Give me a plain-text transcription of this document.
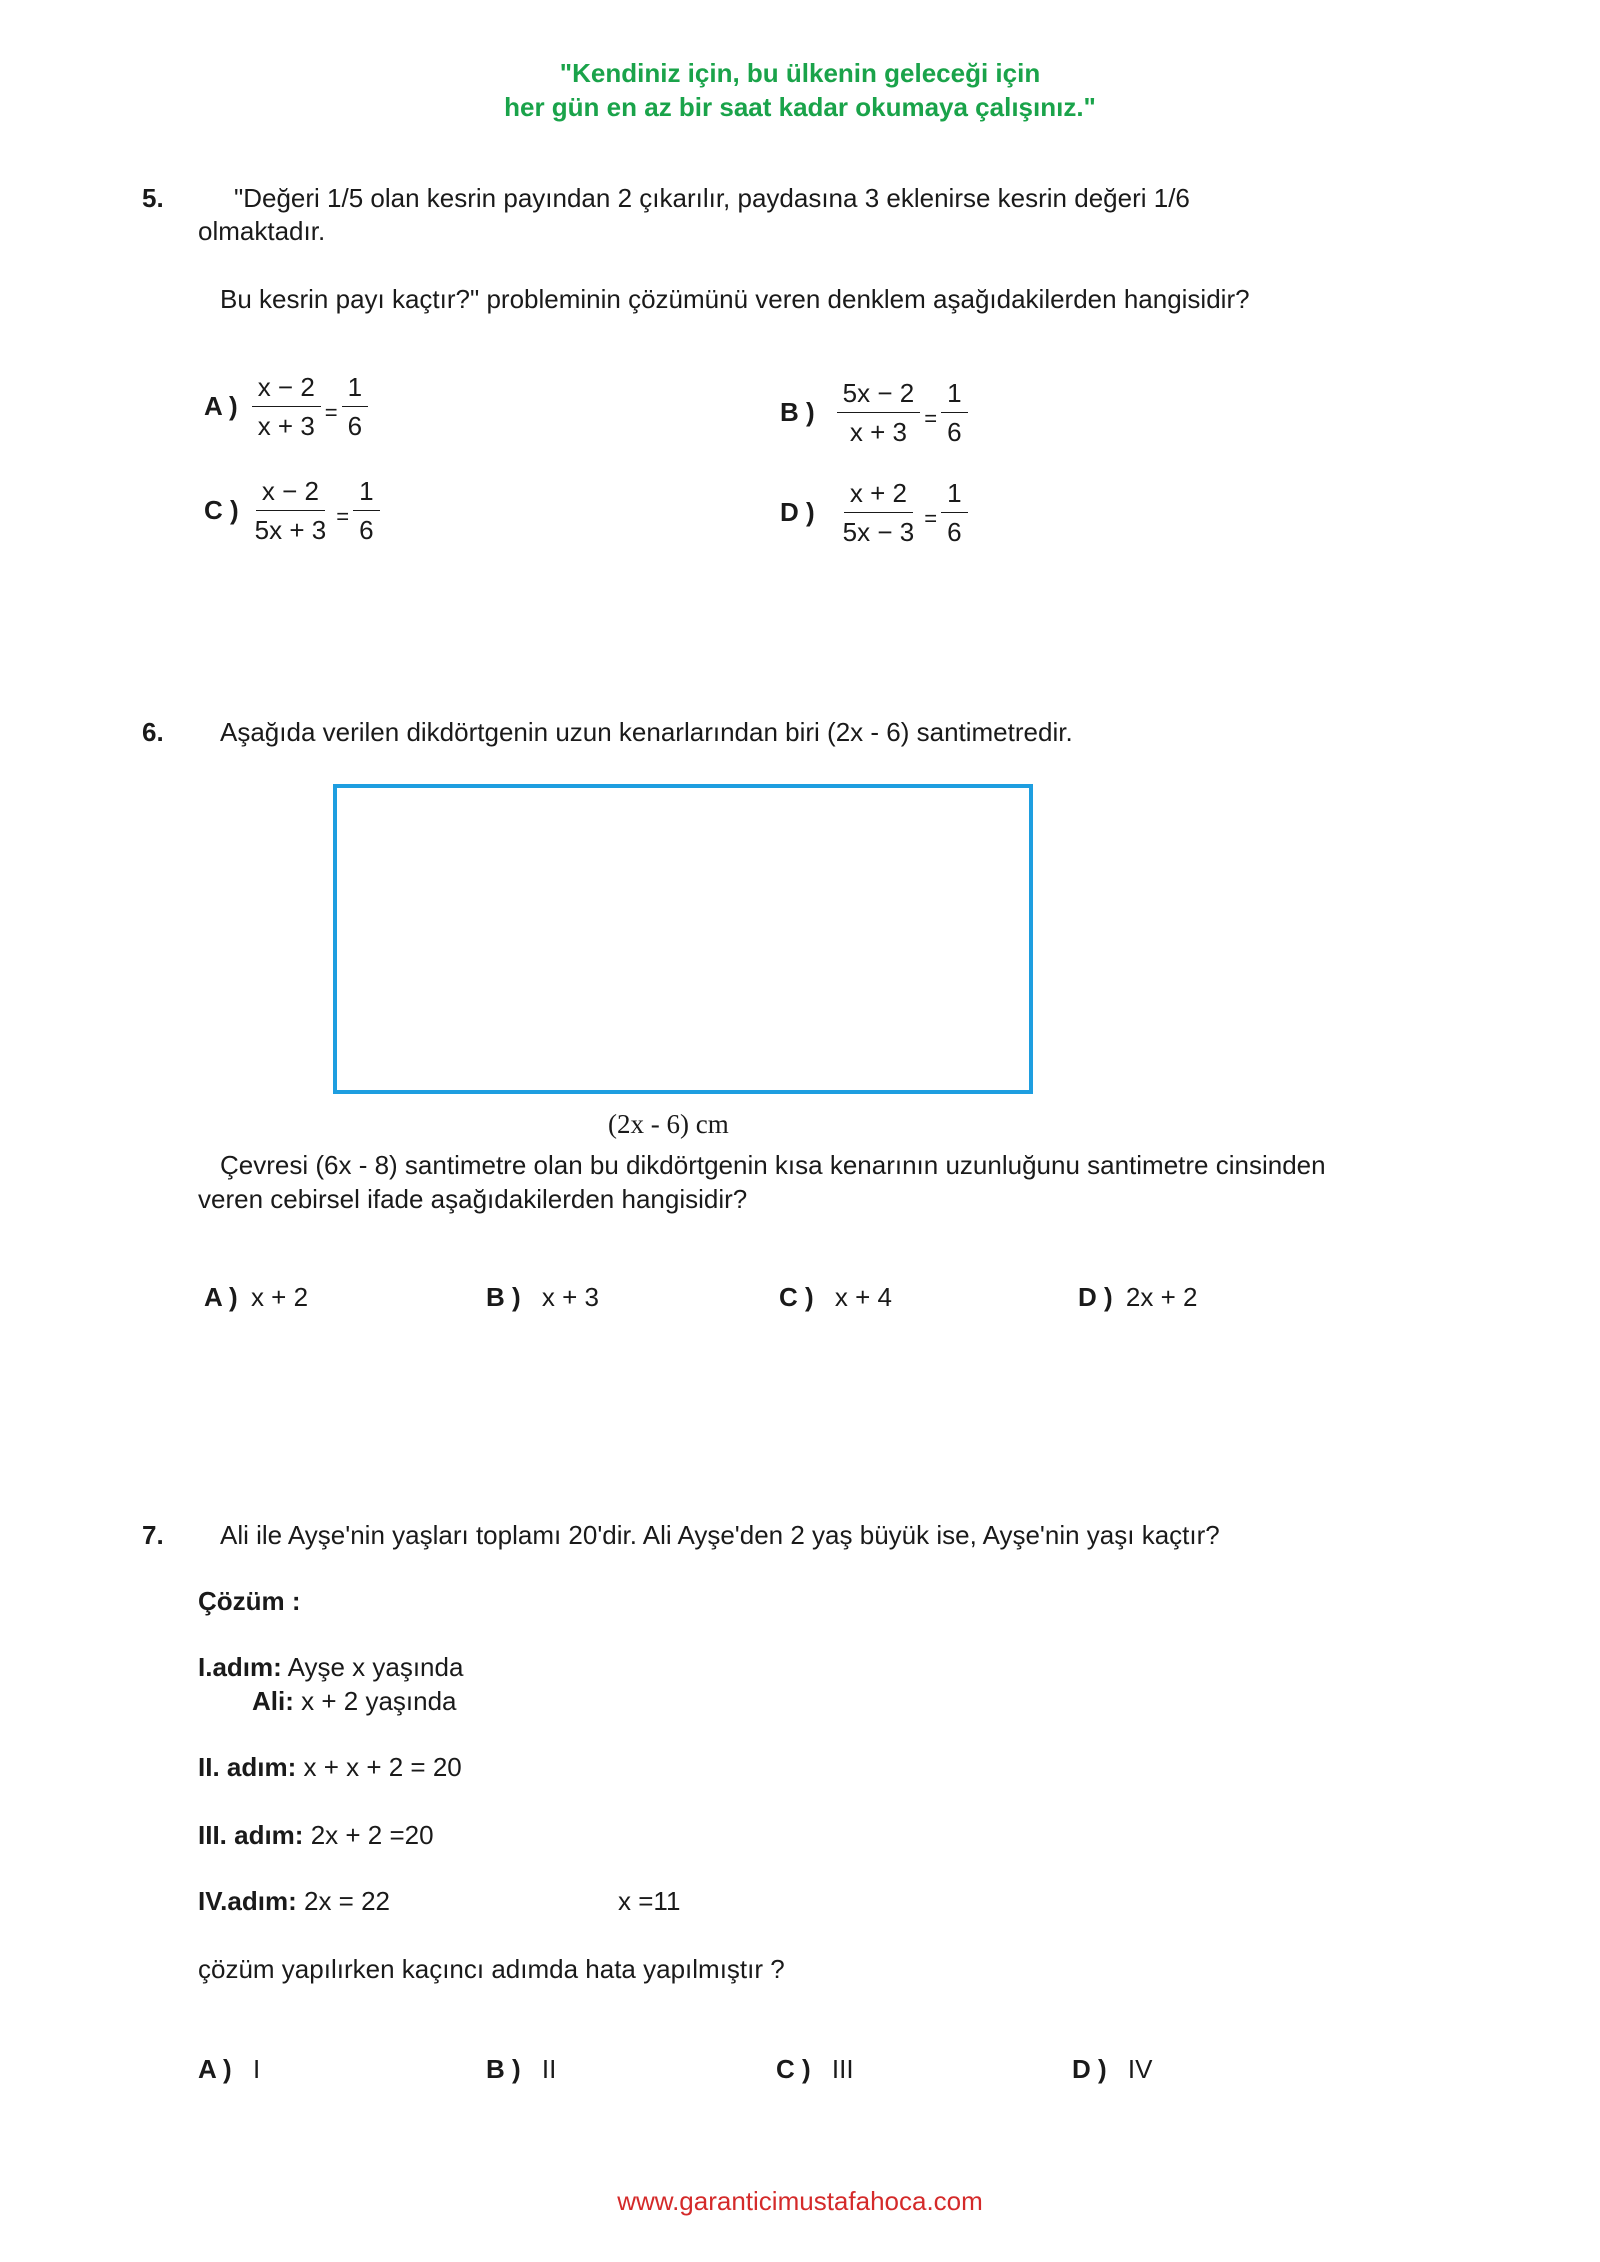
"Kendiniz için, bu ülkenin geleceği için
her gün en az bir saat kadar okumaya çalışınız."
5.	"Değeri 1/5 olan kesrin payından 2 çıkarılır, paydasına 3 eklenirse kesrin değeri 1/6
olmaktadır.
Bu kesrin payı kaçtır?" probleminin çözümünü veren denklem aşağıdakilerden hangisidir?
A ) $\frac{x - 2}{x + 3} = \frac{1}{6}$	B ) $\frac{5x - 2}{x + 3} = \frac{1}{6}$
C ) $\frac{x - 2}{5x + 3} = \frac{1}{6}$	D ) $\frac{x + 2}{5x - 3} = \frac{1}{6}$
6. Aşağıda verilen dikdörtgenin uzun kenarlarından biri (2x - 6) santimetredir.
(2x - 6) cm
Çevresi (6x - 8) santimetre olan bu dikdörtgenin kısa kenarının uzunluğunu santimetre cinsinden
veren cebirsel ifade aşağıdakilerden hangisidir?
A ) x + 2	B ) x + 3	C ) x + 4	D ) 2x + 2
7. Ali ile Ayşe'nin yaşları toplamı 20'dir. Ali Ayşe'den 2 yaş büyük ise, Ayşe'nin yaşı kaçtır?
Çözüm :
I.adım: Ayşe x yaşında
Ali: x + 2 yaşında
II. adım: x + x + 2 = 20
III. adım: 2x + 2 =20
IV.adım: 2x = 22	x =11
çözüm yapılırken kaçıncı adımda hata yapılmıştır ?
A ) I	B ) II	C ) III	D ) IV
www.garanticimustafahoca.com
